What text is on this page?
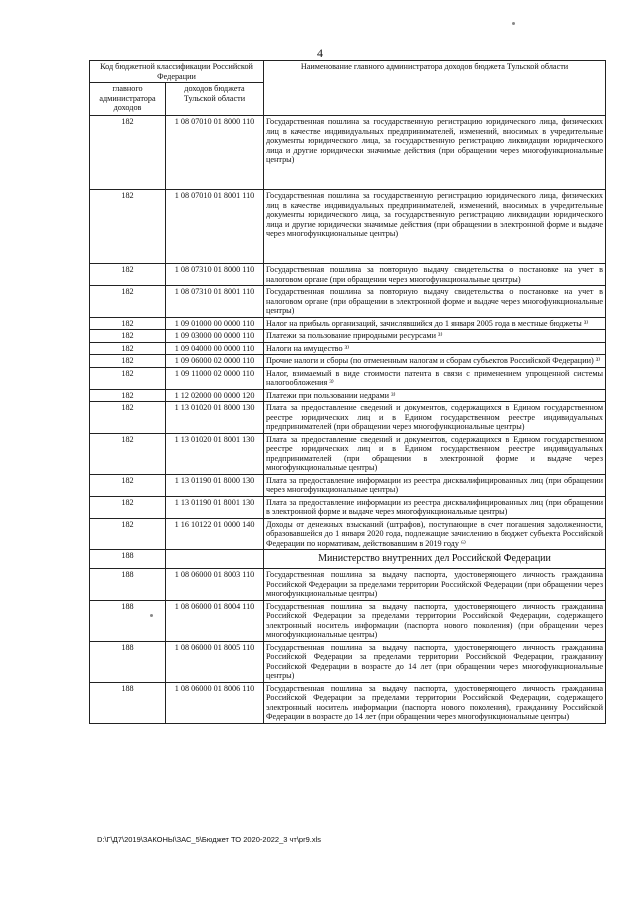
4
Код бюджетной классификации Российской Федерации		Наименование главного администратора доходов бюджета Тульской области
главного администратора доходов	доходов бюджета Тульской области	
182	1 08 07010 01 8000 110	Государственная пошлина за государственную регистрацию юридического лица, физических лиц в качестве индивидуальных предпринимателей, изменений, вносимых в учредительные документы юридического лица, за государственную регистрацию ликвидации юридического лица и другие юридически значимые действия (при обращении через многофункциональные центры)
182	1 08 07010 01 8001 110	Государственная пошлина за государственную регистрацию юридического лица, физических лиц в качестве индивидуальных предпринимателей, изменений, вносимых в учредительные документы юридического лица, за государственную регистрацию ликвидации юридического лица и другие юридически значимые действия (при обращении в электронной форме и выдаче через многофункциональные центры)
182	1 08 07310 01 8000 110	Государственная пошлина за повторную выдачу свидетельства о постановке на учет в налоговом органе (при обращении через многофункциональные центры)
182	1 08 07310 01 8001 110	Государственная пошлина за повторную выдачу свидетельства о постановке на учет в налоговом органе (при обращении в электронной форме и выдаче через многофункциональные центры)
182	1 09 01000 00 0000 110	Налог на прибыль организаций, зачислявшийся до 1 января 2005 года в местные бюджеты ³⁾
182	1 09 03000 00 0000 110	Платежи за пользование природными ресурсами ³⁾
182	1 09 04000 00 0000 110	Налоги на имущество ³⁾
182	1 09 06000 02 0000 110	Прочие налоги и сборы (по отмененным налогам и сборам субъектов Российской Федерации) ³⁾
182	1 09 11000 02 0000 110	Налог, взимаемый в виде стоимости патента в связи с применением упрощенной системы налогообложения ³⁾
182	1 12 02000 00 0000 120	Платежи при пользовании недрами ³⁾
182	1 13 01020 01 8000 130	Плата за предоставление сведений и документов, содержащихся в Едином государственном реестре юридических лиц и в Едином государственном реестре индивидуальных предпринимателей (при обращении через многофункциональные центры)
182	1 13 01020 01 8001 130	Плата за предоставление сведений и документов, содержащихся в Едином государственном реестре юридических лиц и в Едином государственном реестре индивидуальных предпринимателей (при обращении в электронной форме и выдаче через многофункциональные центры)
182	1 13 01190 01 8000 130	Плата за предоставление информации из реестра дисквалифицированных лиц (при обращении через многофункциональные центры)
182	1 13 01190 01 8001 130	Плата за предоставление информации из реестра дисквалифицированных лиц (при обращении в электронной форме и выдаче через многофункциональные центры)
182	1 16 10122 01 0000 140	Доходы от денежных взысканий (штрафов), поступающие в счет погашения задолженности, образовавшейся до 1 января 2020 года, подлежащие зачислению в бюджет субъекта Российской Федерации по нормативам, действовавшим в 2019 году ⁶⁾
188		Министерство внутренних дел Российской Федерации
188	1 08 06000 01 8003 110	Государственная пошлина за выдачу паспорта, удостоверяющего личность гражданина Российской Федерации за пределами территории Российской Федерации (при обращении через многофункциональные центры)
188	1 08 06000 01 8004 110	Государственная пошлина за выдачу паспорта, удостоверяющего личность гражданина Российской Федерации за пределами территории Российской Федерации, содержащего электронный носитель информации (паспорта нового поколения) (при обращении через многофункциональные центры)
188	1 08 06000 01 8005 110	Государственная пошлина за выдачу паспорта, удостоверяющего личность гражданина Российской Федерации за пределами территории Российской Федерации, гражданину Российской Федерации в возрасте до 14 лет (при обращении через многофункциональные центры)
188	1 08 06000 01 8006 110	Государственная пошлина за выдачу паспорта, удостоверяющего личность гражданина Российской Федерации за пределами территории Российской Федерации, содержащего электронный носитель информации (паспорта нового поколения), гражданину Российской Федерации в возрасте до 14 лет (при обращении через многофункциональные центры)
D:\Г\Д7\2019\ЗАКОНЫ\ЗАС_5\Бюджет ТО 2020-2022_3 чт\pr9.xls
